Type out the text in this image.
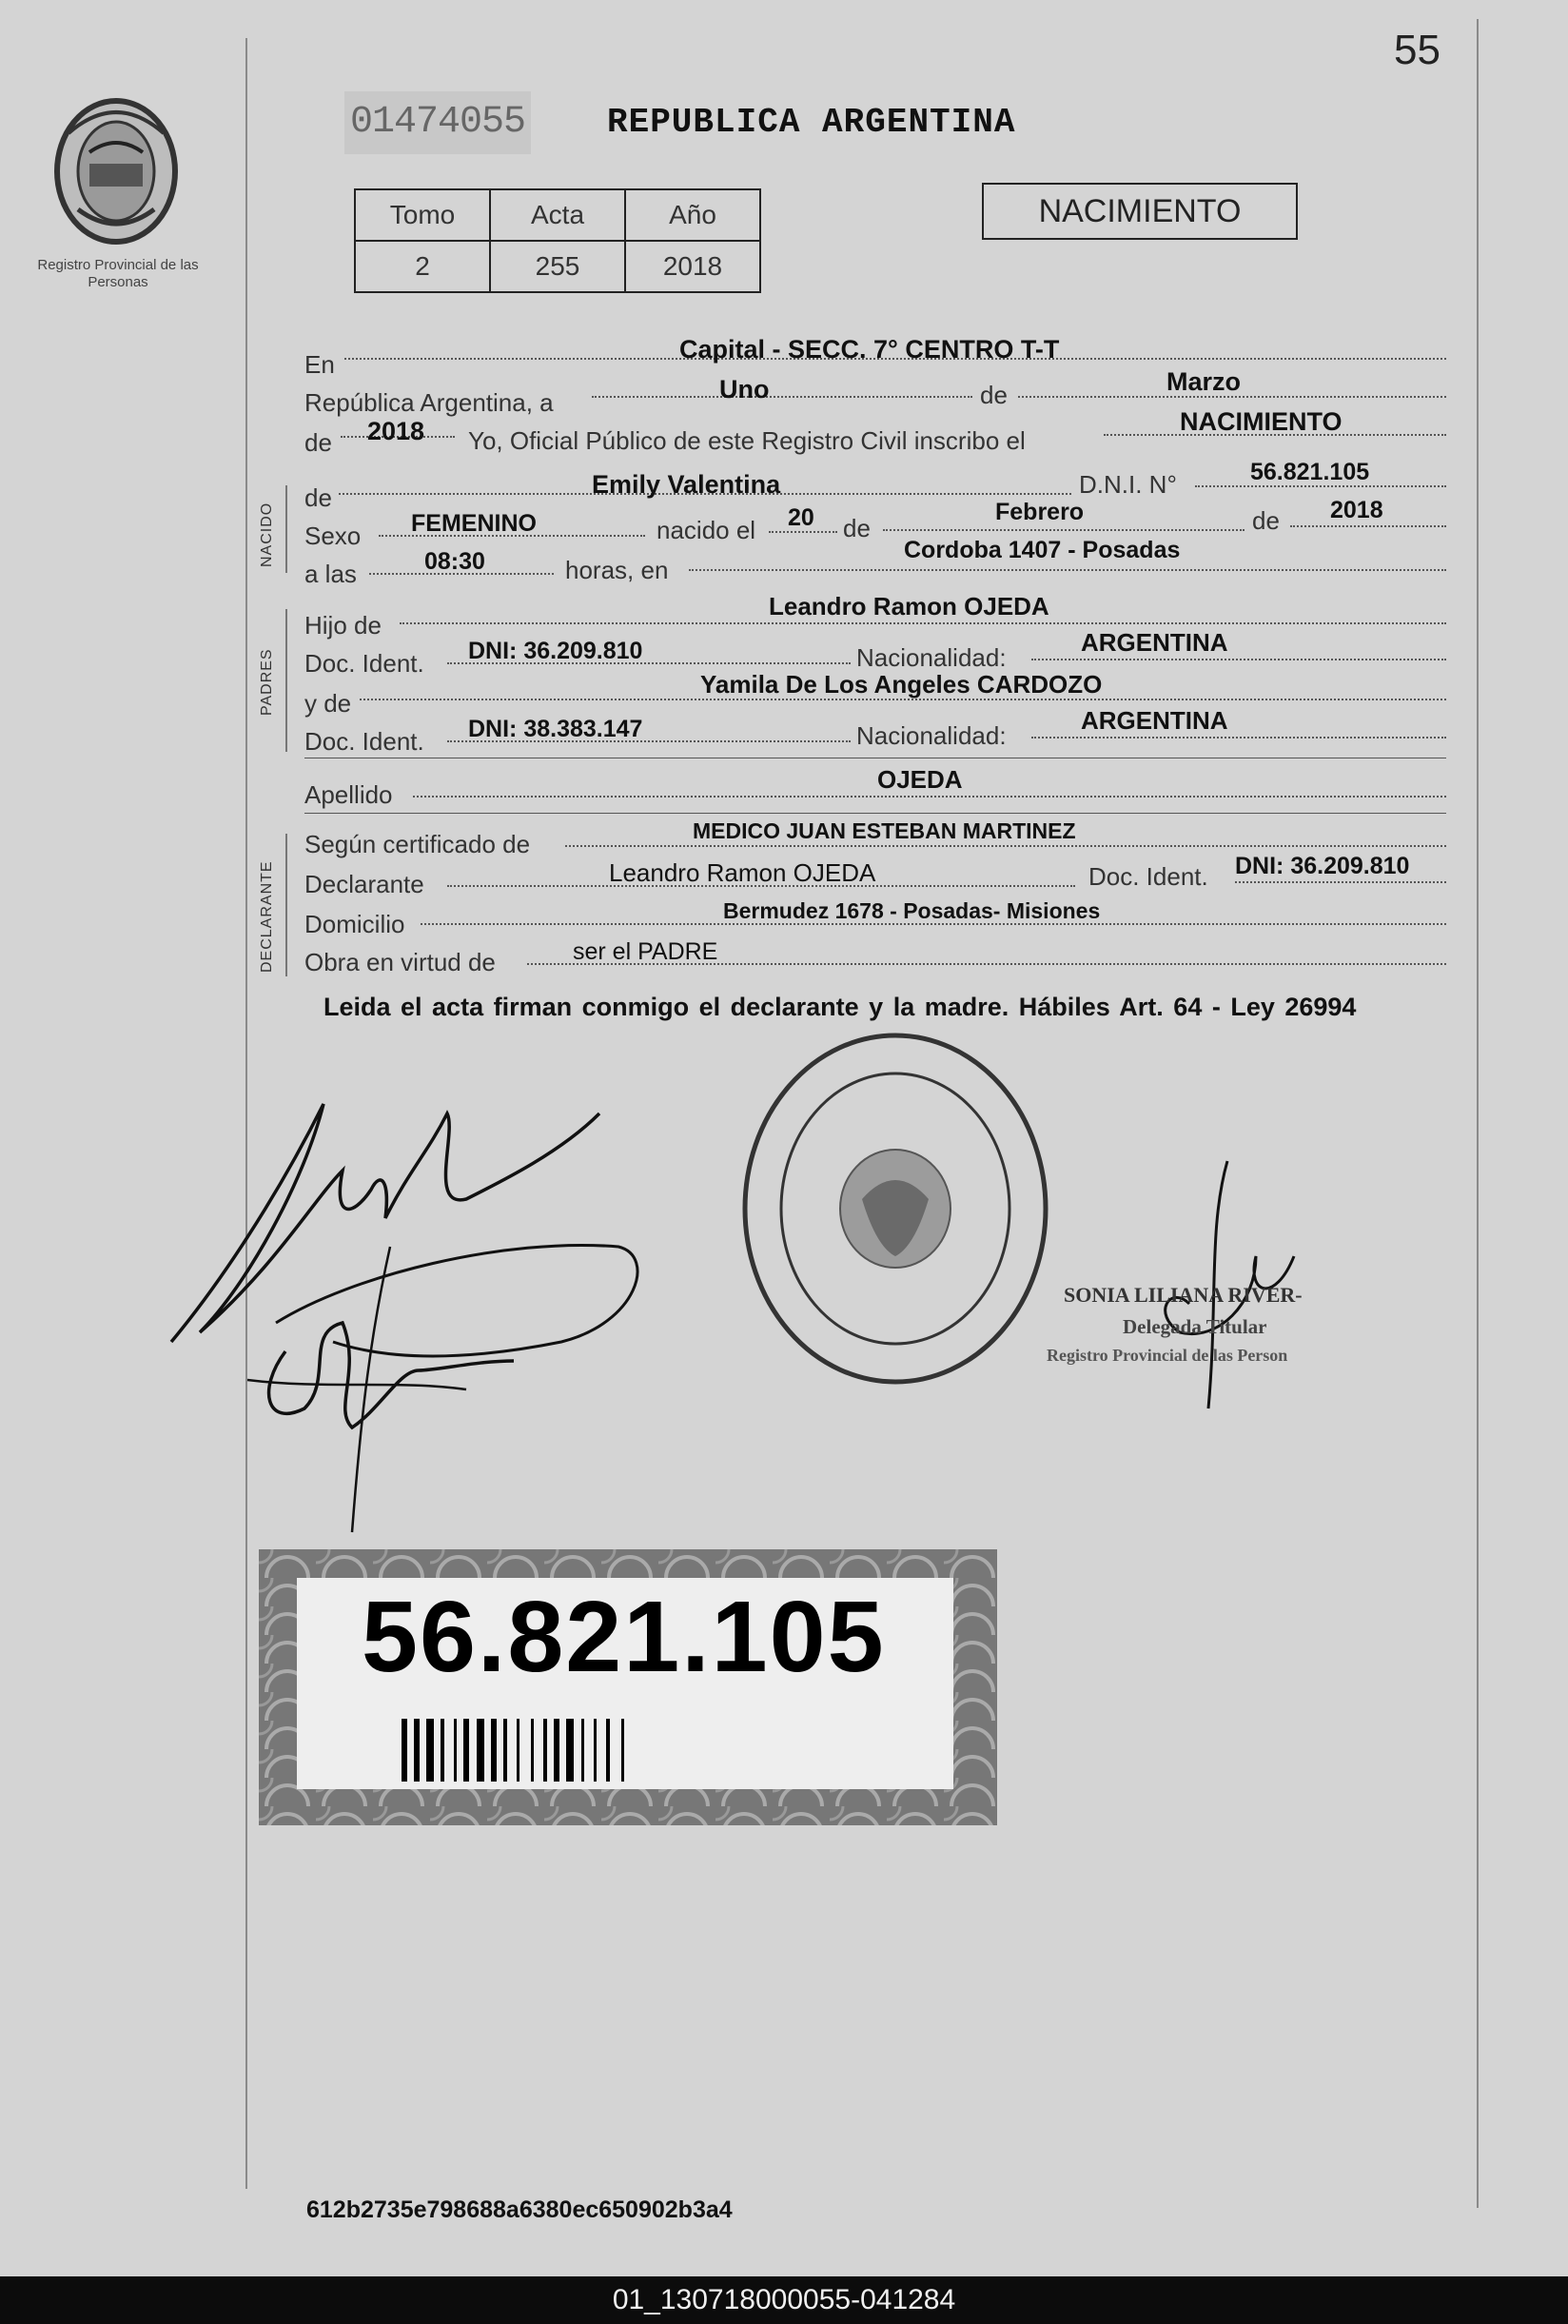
55
Registro Provincial de las Personas
01474055 REPUBLICA ARGENTINA
Tomo	Acta	Año
2	255	2018
NACIMIENTO
En
Capital - SECC. 7° CENTRO T-T
República Argentina, a	Uno	de	Marzo
de 2018 Yo, Oficial Público de este Registro Civil inscribo el
NACIMIENTO
NACIDO
de	Emily Valentina	D.N.I. N°	56.821.105
Sexo FEMENINO	nacido el 20 de
Febrero	de 2018
a las	08:30	horas, en
Cordoba 1407 - Posadas
PADRES
Hijo de
Leandro Ramon OJEDA
Doc. Ident. DNI: 36.209.810	Nacionalidad:
ARGENTINA
y de
Yamila De Los Angeles CARDOZO
Doc. Ident. DNI: 38.383.147	Nacionalidad:
ARGENTINA
Apellido
OJEDA
DECLARANTE
Según certificado de	MEDICO JUAN ESTEBAN MARTINEZ
Declarante	Leandro Ramon OJEDA	Doc. Ident. DNI: 36.209.810
Domicilio	Bermudez 1678 - Posadas- Misiones
Obra en virtud de	ser el PADRE
Leida el acta firman conmigo el declarante y la madre. Hábiles Art. 64 - Ley 26994
SONIA LILIANA RIVER-
Delegada Titular
Registro Provincial de las Person
56.821.105
612b2735e798688a6380ec650902b3a4
01_130718000055-041284
